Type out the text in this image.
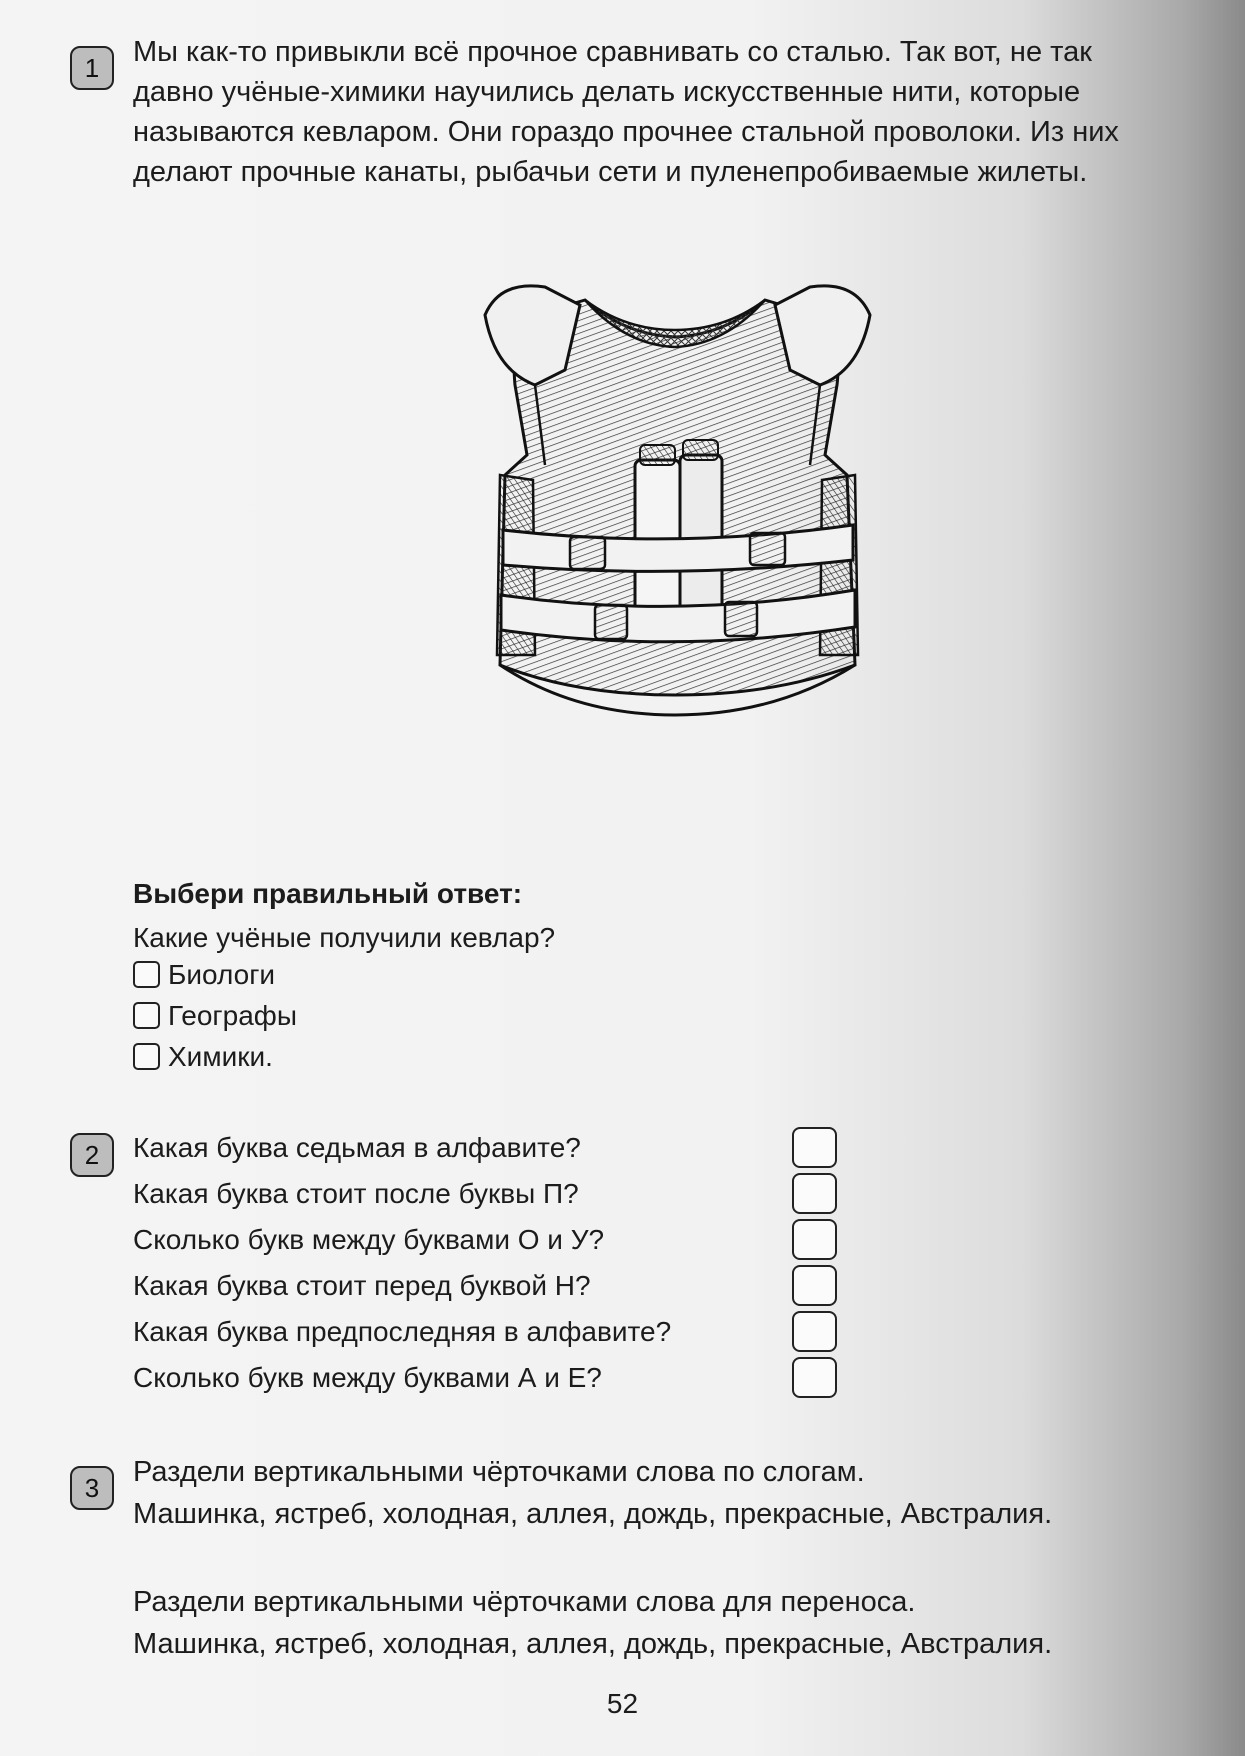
1	Мы как-то привыкли всё прочное сравнивать со сталью. Так вот, не так

давно учёные-химики научились делать искусственные нити, которые

называются кевларом. Они гораздо прочнее стальной проволоки. Из них

делают прочные канаты, рыбачьи сети и пуленепробиваемые жилеты.

Выбери правильный ответ:
Какие учёные получили кевлар?
Биологи
Географы
Химики.
2	Какая буква седьмая в алфавите?
Какая буква стоит после буквы П?
Сколько букв между буквами О и У?
Какая буква стоит перед буквой Н?
Какая буква предпоследняя в алфавите?
Сколько букв между буквами А и Е?
3	Раздели вертикальными чёрточками слова по слогам.
Машинка, ястреб, холодная, аллея, дождь, прекрасные, Австралия.
Раздели вертикальными чёрточками слова для переноса.
Машинка, ястреб, холодная, аллея, дождь, прекрасные, Австралия.
52
